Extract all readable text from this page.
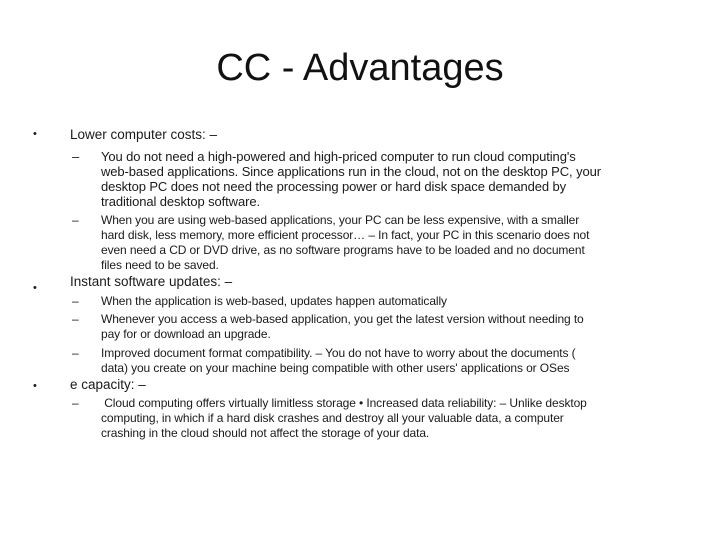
CC - Advantages
•	Lower computer costs: –
–	You do not need a high-powered and high-priced computer to run cloud computing's
web-based applications. Since applications run in the cloud, not on the desktop PC, your
desktop PC does not need the processing power or hard disk space demanded by
traditional desktop software.
–	When you are using web-based applications, your PC can be less expensive, with a smaller
hard disk, less memory, more efficient processor… – In fact, your PC in this scenario does not
even need a CD or DVD drive, as no software programs have to be loaded and no document
files need to be saved.
•	Instant software updates: –
–	When the application is web-based, updates happen automatically
–	Whenever you access a web-based application, you get the latest version without needing to
pay for or download an upgrade.
–	Improved document format compatibility. – You do not have to worry about the documents (
data) you create on your machine being compatible with other users' applications or OSes
•	e capacity: –
–	Cloud computing offers virtually limitless storage • Increased data reliability: – Unlike desktop
computing, in which if a hard disk crashes and destroy all your valuable data, a computer
crashing in the cloud should not affect the storage of your data.
